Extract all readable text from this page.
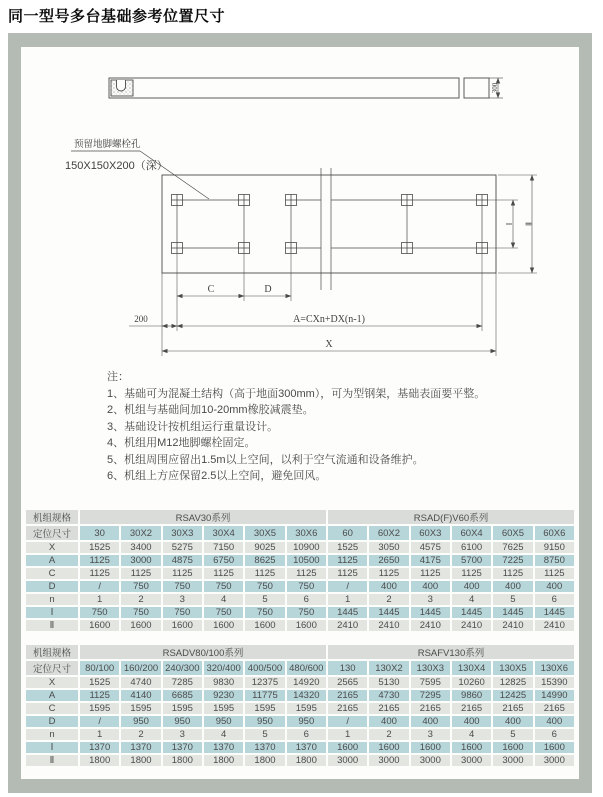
同一型号多台基础参考位置尺寸
300
预留地脚螺栓孔
150X150X200（深）
C	D
200	A=CXn+DX(n-1)
X
Ⅰ Ⅱ
注：
1、基础可为混凝土结构（高于地面300mm），可为型钢架，基础表面要平整。
2、机组与基础间加10-20mm橡胶减震垫。
3、基础设计按机组运行重量设计。
4、机组用M12地脚螺栓固定。
5、机组周围应留出1.5m以上空间，以利于空气流通和设备维护。
6、机组上方应保留2.5以上空间，避免回风。
机组规格	RSAV30系列						RSAD(F)V60系列					
定位尺寸	30	30X2	30X3	30X4	30X5	30X6	60	60X2	60X3	60X4	60X5	60X6
X	1525	3400	5275	7150	9025	10900	1525	3050	4575	6100	7625	9150
A	1125	3000	4875	6750	8625	10500	1125	2650	4175	5700	7225	8750
C	1125	1125	1125	1125	1125	1125	1125	1125	1125	1125	1125	1125
D	/	750	750	750	750	750	/	400	400	400	400	400
n	1	2	3	4	5	6	1	2	3	4	5	6
Ⅰ	750	750	750	750	750	750	1445	1445	1445	1445	1445	1445
Ⅱ	1600	1600	1600	1600	1600	1600	2410	2410	2410	2410	2410	2410
机组规格	RSADV80/100系列						RSAFV130系列					
定位尺寸	80/100	160/200	240/300	320/400	400/500	480/600	130	130X2	130X3	130X4	130X5	130X6
X	1525	4740	7285	9830	12375	14920	2565	5130	7595	10260	12825	15390
A	1125	4140	6685	9230	11775	14320	2165	4730	7295	9860	12425	14990
C	1595	1595	1595	1595	1595	1595	2165	2165	2165	2165	2165	2165
D	/	950	950	950	950	950	/	400	400	400	400	400
n	1	2	3	4	5	6	1	2	3	4	5	6
Ⅰ	1370	1370	1370	1370	1370	1370	1600	1600	1600	1600	1600	1600
Ⅱ	1800	1800	1800	1800	1800	1800	3000	3000	3000	3000	3000	3000
